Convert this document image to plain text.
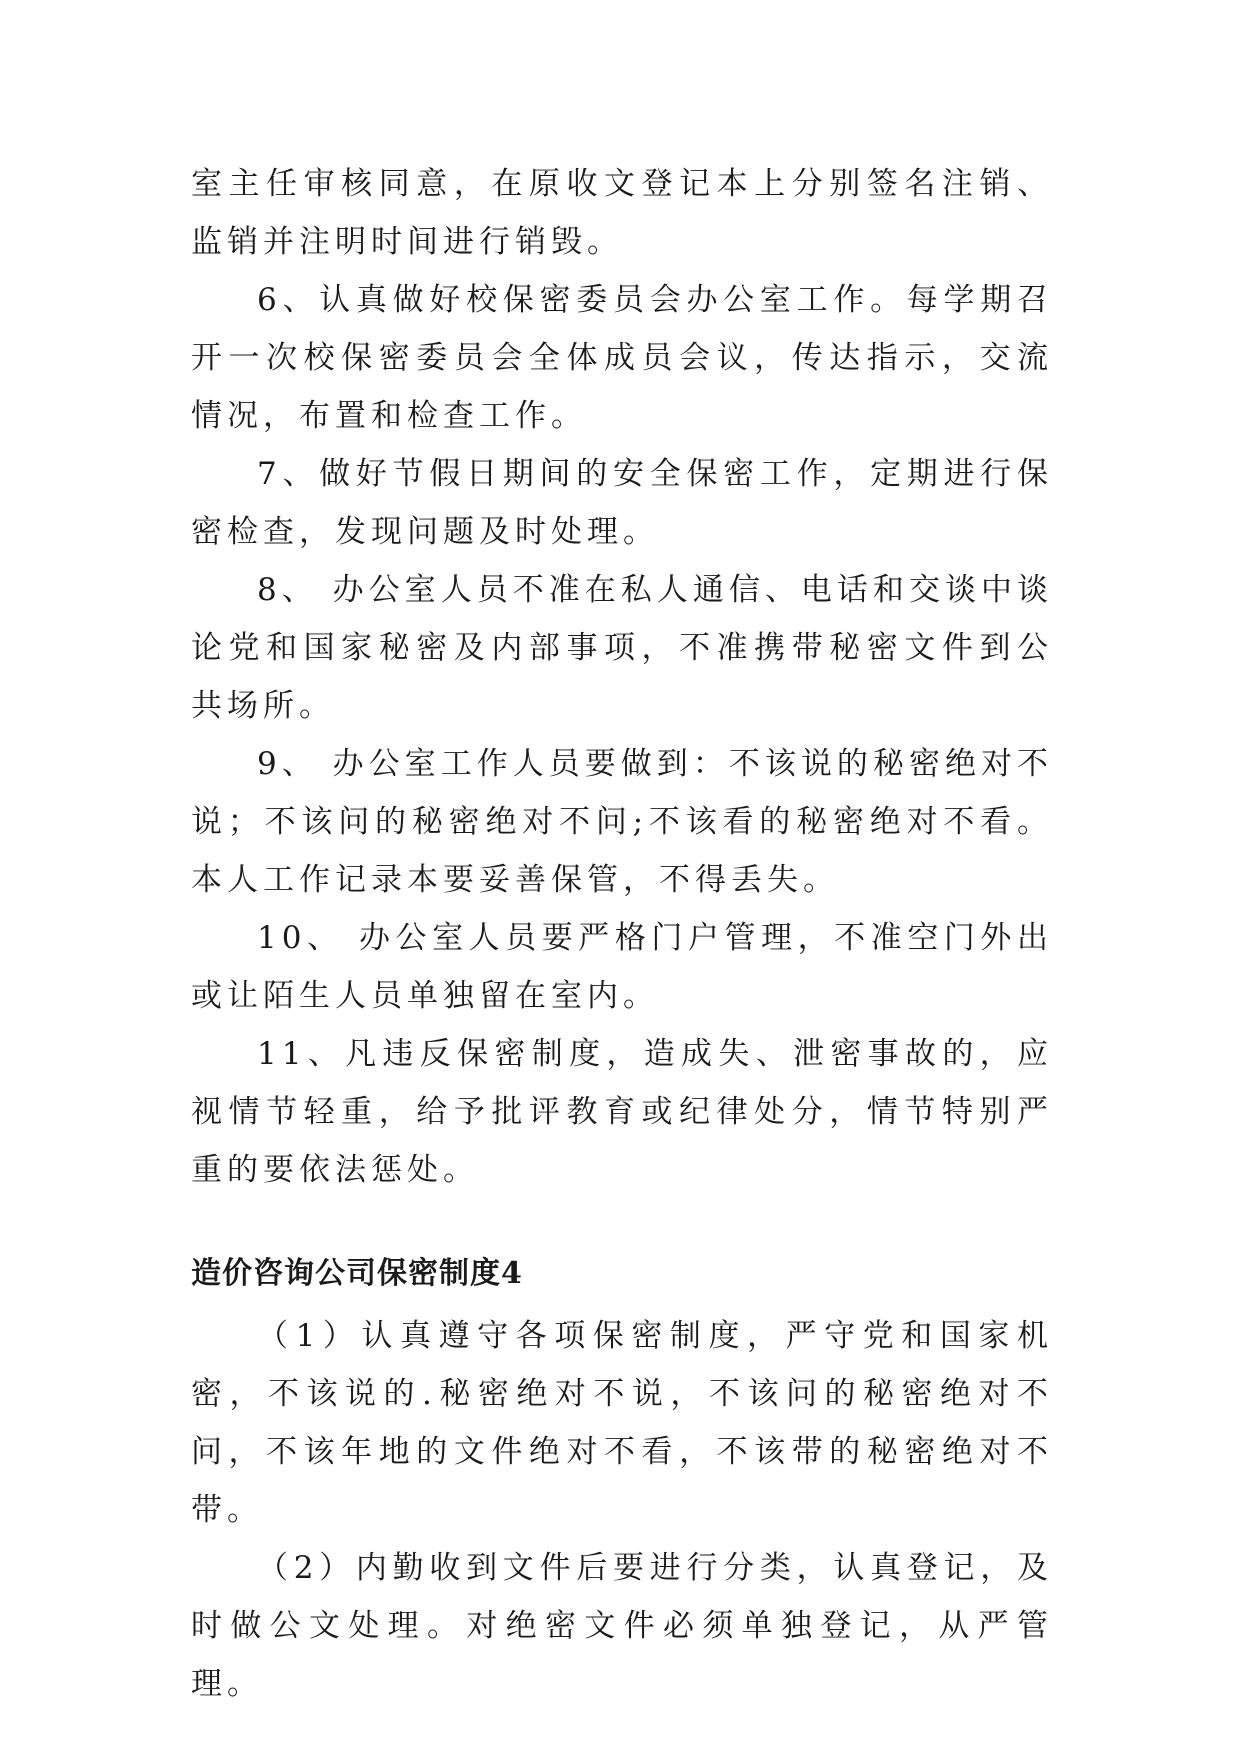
室主任审核同意，在原收文登记本上分别签名注销、监销并注明时间进行销毁。

6、认真做好校保密委员会办公室工作。每学期召开一次校保密委员会全体成员会议，传达指示，交流情况，布置和检查工作。

7、做好节假日期间的安全保密工作，定期进行保密检查，发现问题及时处理。

8、 办公室人员不准在私人通信、电话和交谈中谈论党和国家秘密及内部事项，不准携带秘密文件到公共场所。

9、 办公室工作人员要做到：不该说的秘密绝对不说；不该问的秘密绝对不问;不该看的秘密绝对不看。本人工作记录本要妥善保管，不得丢失。

10、 办公室人员要严格门户管理，不准空门外出或让陌生人员单独留在室内。

11、凡违反保密制度，造成失、泄密事故的，应视情节轻重，给予批评教育或纪律处分，情节特别严重的要依法惩处。

造价咨询公司保密制度4

（1）认真遵守各项保密制度，严守党和国家机密，不该说的.秘密绝对不说，不该问的秘密绝对不问，不该年地的文件绝对不看，不该带的秘密绝对不带。

（2）内勤收到文件后要进行分类，认真登记，及时做公文处理。对绝密文件必须单独登记，从严管理。
